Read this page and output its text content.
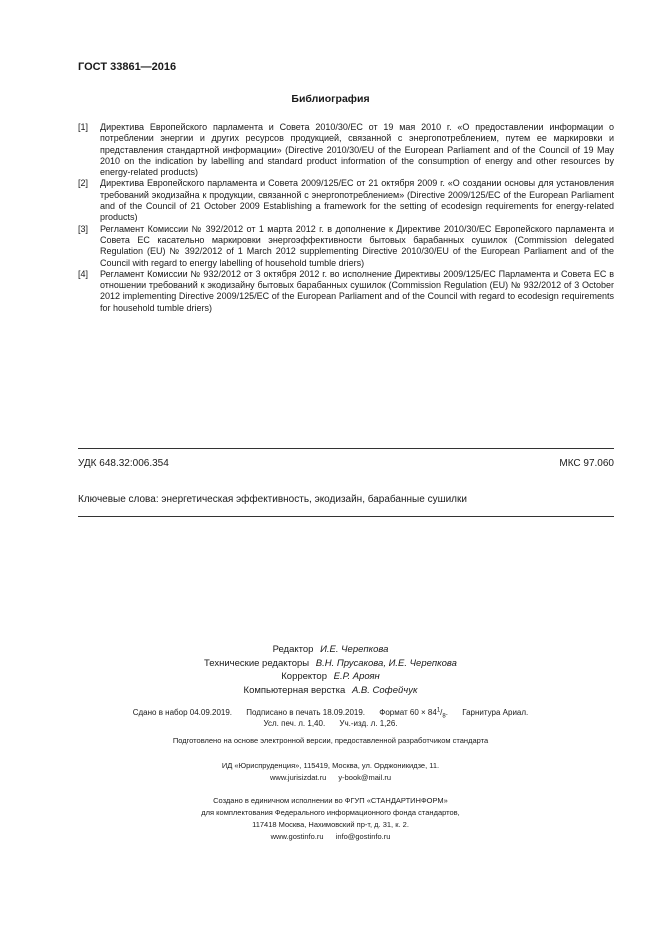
ГОСТ 33861—2016
Библиография
[1]	Директива Европейского парламента и Совета 2010/30/ЕС от 19 мая 2010 г. «О предоставлении информации о потреблении энергии и других ресурсов продукцией, связанной с энергопотреблением, путем ее маркировки и представления стандартной информации» (Directive 2010/30/EU of the European Parliament and of the Council of 19 May 2010 on the indication by labelling and standard product information of the consumption of energy and other resources by energy-related products)
[2]	Директива Европейского парламента и Совета 2009/125/ЕС от 21 октября 2009 г. «О создании основы для установления требований экодизайна к продукции, связанной с энергопотреблением» (Directive 2009/125/EC of the European Parliament and of the Council of 21 October 2009 Establishing a framework for the setting of ecodesign requirements for energy-related products)
[3]	Регламент Комиссии № 392/2012 от 1 марта 2012 г. в дополнение к Директиве 2010/30/ЕС Европейского парламента и Совета ЕС касательно маркировки энергоэффективности бытовых барабанных сушилок (Commission delegated Regulation (EU) № 392/2012 of 1 March 2012 supplementing Directive 2010/30/EU of the European Parliament and of the Council with regard to energy labelling of household tumble driers)
[4]	Регламент Комиссии № 932/2012 от 3 октября 2012 г. во исполнение Директивы 2009/125/ЕС Парламента и Совета ЕС в отношении требований к экодизайну бытовых барабанных сушилок (Commission Regulation (EU) № 932/2012 of 3 October 2012 implementing Directive 2009/125/EC of the European Parliament and of the Council with regard to ecodesign requirements for household tumble driers)
УДК 648.32:006.354	МКС 97.060
Ключевые слова: энергетическая эффективность, экодизайн, барабанные сушилки
Редактор И.Е. Черепкова
Технические редакторы В.Н. Прусакова, И.Е. Черепкова
Корректор Е.Р. Ароян
Компьютерная верстка А.В. Софейчук
Сдано в набор 04.09.2019. Подписано в печать 18.09.2019. Формат $60 \times 84^1/_8$. Гарнитура Ариал.
Усл. печ. л. 1,40. Уч.-изд. л. 1,26.
Подготовлено на основе электронной версии, предоставленной разработчиком стандарта
ИД «Юриспруденция», 115419, Москва, ул. Орджоникидзе, 11.
www.jurisizdat.ru y-book@mail.ru
Создано в единичном исполнении во ФГУП «СТАНДАРТИНФОРМ»
для комплектования Федерального информационного фонда стандартов,
117418 Москва, Нахимовский пр-т, д. 31, к. 2.
www.gostinfo.ru info@gostinfo.ru
